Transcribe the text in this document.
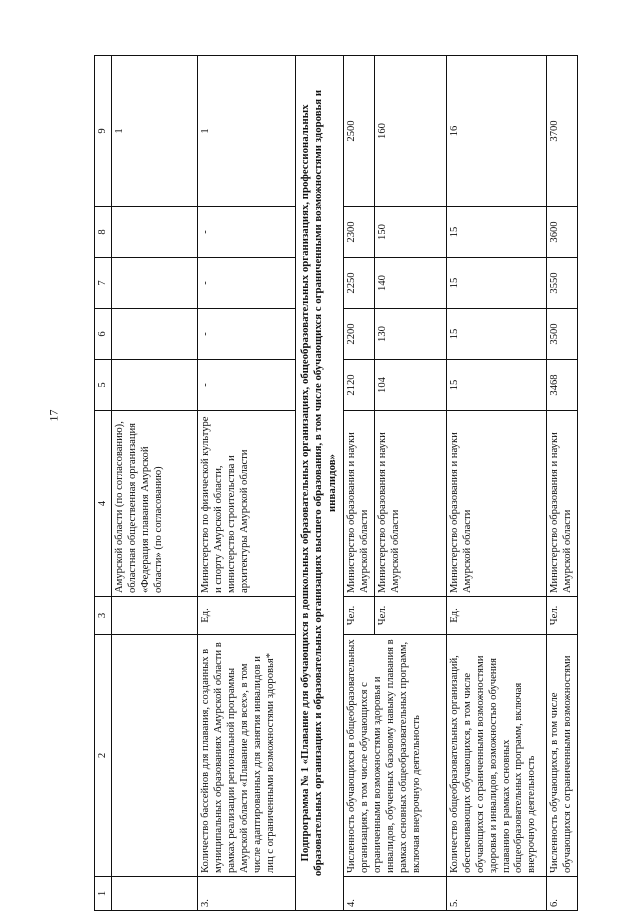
17
1	2	3	4	5	6	7	8	9
			Амурской области (по согласованию), областная общественная организация «Федерация плавания Амурской области» (по согласованию)					1
3.	Количество бассейнов для плавания, созданных в муниципальных образованиях Амурской области в рамках реализации региональной программы Амурской области «Плавание для всех», в том числе адаптированных для занятия инвалидов и лиц с ограниченными возможностями здоровья*	Ед.	Министерство по физической культуре и спорту Амурской области, министерство строительства и архитектуры Амурской области	-	-	-	-	1
Подпрограмма № 1 «Плавание для обучающихся в дошкольных образовательных организациях, общеобразовательных организациях, профессиональных образовательных организациях и образовательных организациях высшего образования, в том числе обучающихся с ограниченными возможностями здоровья и инвалидов»								
4.	Численность обучающихся в общеобразовательных организациях, в том числе обучающихся с ограниченными возможностями здоровья и инвалидов, обученных базовому навыку плавания в рамках основных общеобразовательных программ, включая внеурочную деятельность	Чел.	Министерство образования и науки Амурской области	2120	2200	2250	2300	2500
		Чел.	Министерство образования и науки Амурской области	104	130	140	150	160
5.	Количество общеобразовательных организаций, обеспечивающих обучающихся, в том числе обучающихся с ограниченными возможностями здоровья и инвалидов, возможностью обучения плаванию в рамках основных общеобразовательных программ, включая внеурочную деятельность	Ед.	Министерство образования и науки Амурской области	15	15	15	15	16
6.	Численность обучающихся, в том числе обучающихся с ограниченными возможностями	Чел.	Министерство образования и науки Амурской области	3468	3500	3550	3600	3700
